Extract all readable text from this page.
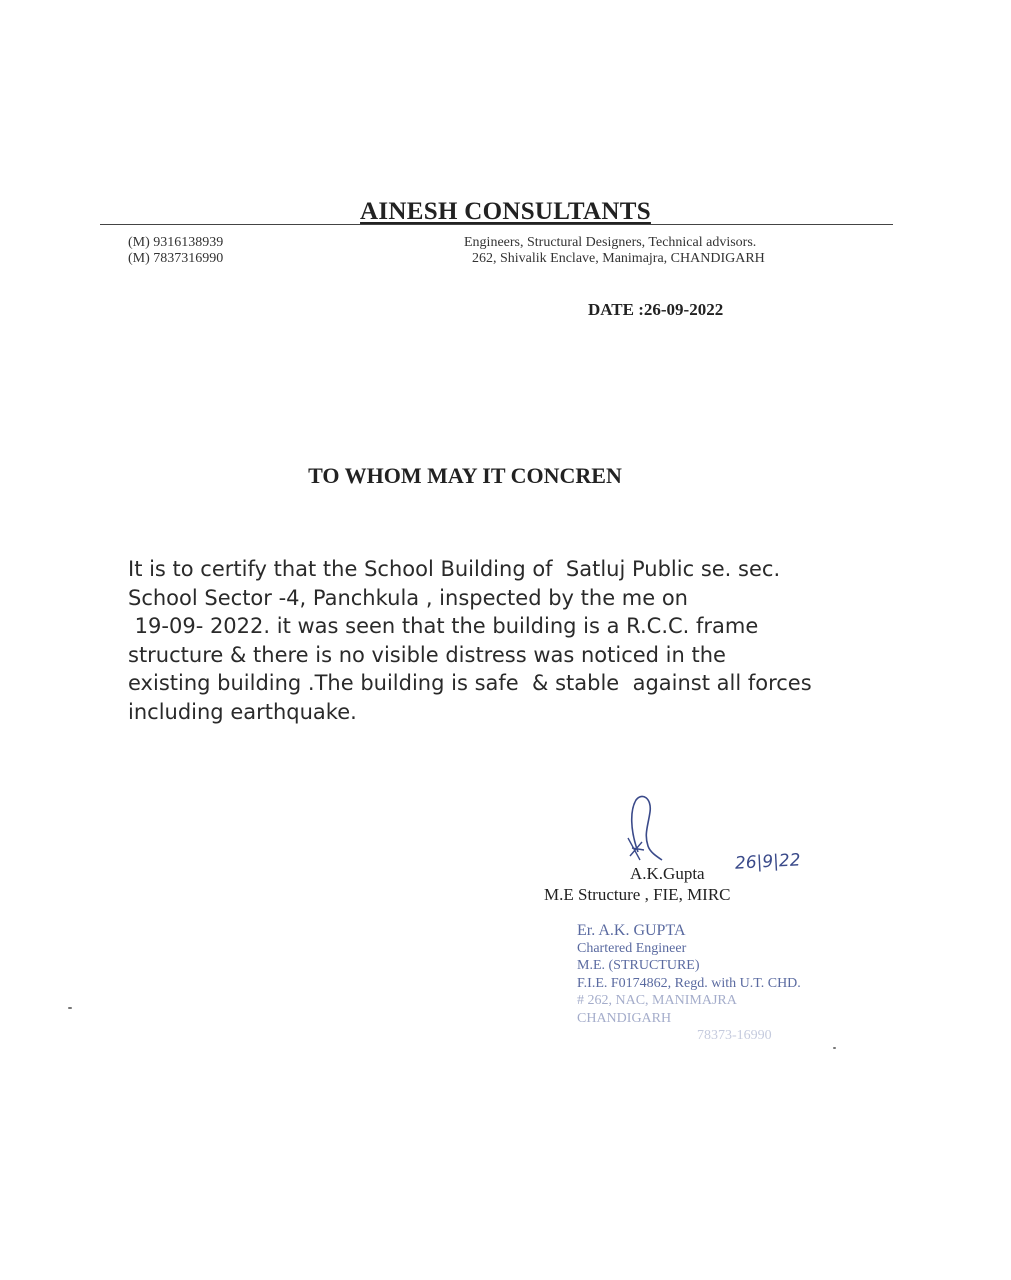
AINESH CONSULTANTS
(M) 9316138939
(M) 7837316990
Engineers, Structural Designers, Technical advisors.
262, Shivalik Enclave, Manimajra, CHANDIGARH
DATE :26-09-2022
TO WHOM MAY IT CONCREN
It is to certify that the School Building of  Satluj Public se. sec.
School Sector -4, Panchkula , inspected by the me on
19-09- 2022. it was seen that the building is a R.C.C. frame
structure & there is no visible distress was noticed in the
existing building .The building is safe  & stable  against all forces
including earthquake.
A.K.Gupta 26|9|22
M.E Structure , FIE, MIRC
Er. A.K. GUPTA
Chartered Engineer
M.E. (STRUCTURE)
F.I.E. F0174862, Regd. with U.T. CHD.
# 262, NAC, MANIMAJRA
CHANDIGARH
78373-16990
